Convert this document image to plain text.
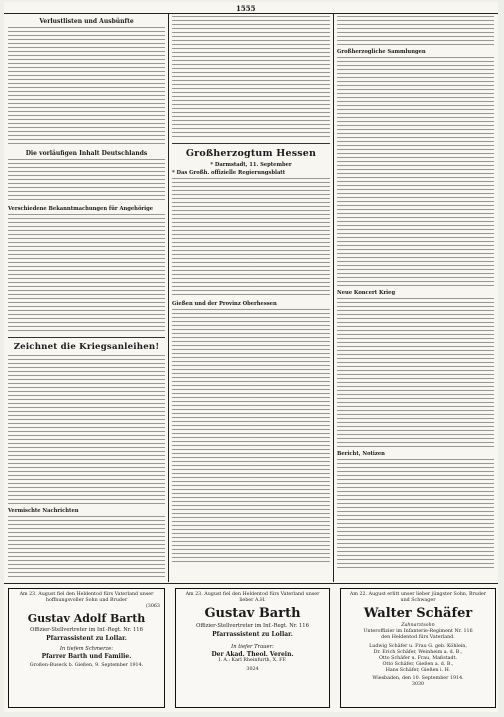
1555
Verlustlisten und Ausbünfte
Die vorläufigen Inhalt Deutschlands
Verschiedene Bekanntmachungen für Angehörige
Zeichnet die Kriegsanleihen!
Vermischte Nachrichten
Großherzogtum Hessen
* Darmstadt, 11. September
* Das Großh. offizielle Regierungsblatt
Gießen und der Provinz Oberhessen
Großherzogliche Sammlungen
Neue Koncert Krieg
Bericht, Notizen
Am 23. August fiel den Heldentod fürs Vaterland unser hoffnungsvoller Sohn und Bruder
(3063
Gustav Adolf Barth
Offizier-Stellvertreter im Inf.-Regt. Nr. 116
Pfarrassistent zu Lollar.
In tiefem Schmerze:
Pfarrer Barth und Familie.
Großen-Buseck b. Gießen, 9. September 1914.
Am 23. August fiel den Heldentod fürs Vaterland unser lieber A.H.
Gustav Barth
Offizier-Stellvertreter im Inf.-Regt. Nr. 116
Pfarrassistent zu Lollar.
In tiefer Trauer:
Der Akad. Theol. Verein.
I. A.: Karl Rheinfurth, X. FF.
3024
Am 22. August erlitt unser lieber jüngster Sohn, Bruder und Schwager
Walter Schäfer
Zahnarztsohn
Unteroffizier im Infanterie-Regiment Nr. 116
den Heldentod fürs Vaterland.
Ludwig Schäfer u. Frau G. geb. Köhlein,
Dr. Erich Schäfer, Weinheim a. d. B.,
Otto Schäfer u. Frau, Maßstadt.
Otto Schäfer, Gießen a. d. B.,
Hans Schäfer, Gießen i. H.
Wiesbaden, den 10. September 1914.
3030
